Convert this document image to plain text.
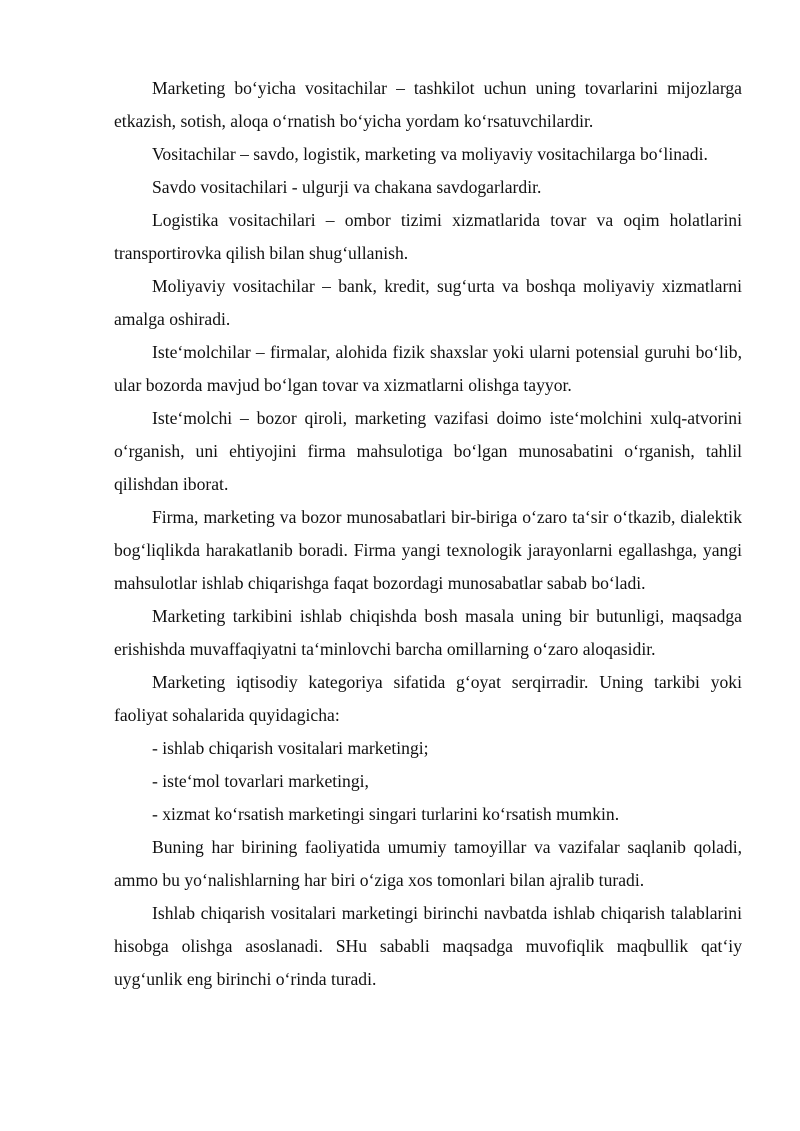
Marketing bo‘yicha vositachilar – tashkilot uchun uning tovarlarini mijozlarga etkazish, sotish, aloqa o‘rnatish bo‘yicha yordam ko‘rsatuvchilardir.

Vositachilar – savdo, logistik, marketing va moliyaviy vositachilarga bo‘linadi.

Savdo vositachilari - ulgurji va chakana savdogarlardir.

Logistika vositachilari – ombor tizimi xizmatlarida tovar va oqim holatlarini transportirovka qilish bilan shug‘ullanish.

Moliyaviy vositachilar – bank, kredit, sug‘urta va boshqa moliyaviy xizmatlarni amalga oshiradi.

Iste‘molchilar – firmalar, alohida fizik shaxslar yoki ularni potensial guruhi bo‘lib, ular bozorda mavjud bo‘lgan tovar va xizmatlarni olishga tayyor.

Iste‘molchi – bozor qiroli, marketing vazifasi doimo iste‘molchini xulq-atvorini o‘rganish, uni ehtiyojini firma mahsulotiga bo‘lgan munosabatini o‘rganish, tahlil qilishdan iborat.

Firma, marketing va bozor munosabatlari bir-biriga o‘zaro ta‘sir o‘tkazib, dialektik bog‘liqlikda harakatlanib boradi. Firma yangi texnologik jarayonlarni egallashga, yangi mahsulotlar ishlab chiqarishga faqat bozordagi munosabatlar sabab bo‘ladi.

Marketing tarkibini ishlab chiqishda bosh masala uning bir butunligi, maqsadga erishishda muvaffaqiyatni ta‘minlovchi barcha omillarning o‘zaro aloqasidir.

Marketing iqtisodiy kategoriya sifatida g‘oyat serqirradir. Uning tarkibi yoki faoliyat sohalarida quyidagicha:

- ishlab chiqarish vositalari marketingi;

- iste‘mol tovarlari marketingi,

- xizmat ko‘rsatish marketingi singari turlarini ko‘rsatish mumkin.

Buning har birining faoliyatida umumiy tamoyillar va vazifalar saqlanib qoladi, ammo bu yo‘nalishlarning har biri o‘ziga xos tomonlari bilan ajralib turadi.

Ishlab chiqarish vositalari marketingi birinchi navbatda ishlab chiqarish talablarini hisobga olishga asoslanadi. SHu sababli maqsadga muvofiqlik maqbullik qat‘iy uyg‘unlik eng birinchi o‘rinda turadi.
